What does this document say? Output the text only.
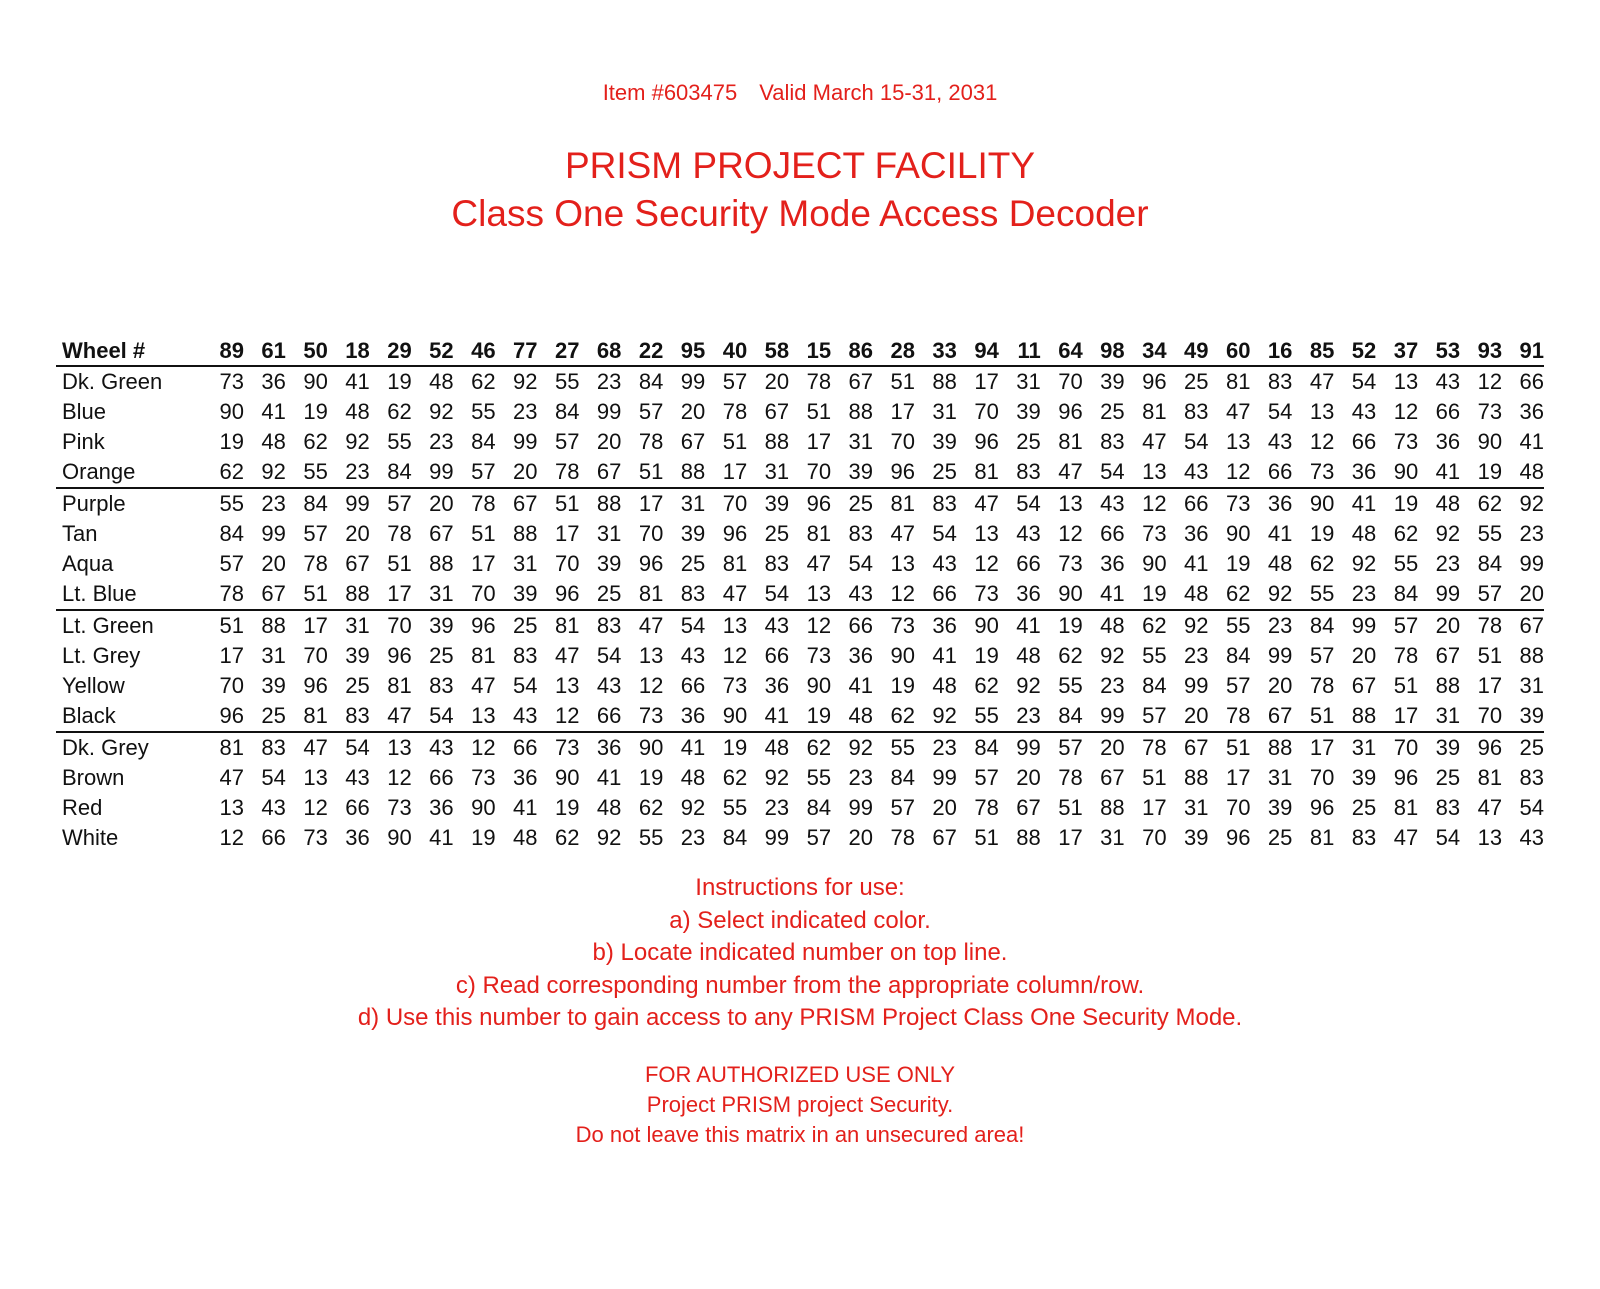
Item #603475 Valid March 15-31, 2031
PRISM PROJECT FACILITY
Class One Security Mode Access Decoder
Wheel #	89	61	50	18	29	52	46	77	27	68	22	95	40	58	15	86	28	33	94	11	64	98	34	49	60	16	85	52	37	53	93	91
Dk. Green	73	36	90	41	19	48	62	92	55	23	84	99	57	20	78	67	51	88	17	31	70	39	96	25	81	83	47	54	13	43	12	66
Blue	90	41	19	48	62	92	55	23	84	99	57	20	78	67	51	88	17	31	70	39	96	25	81	83	47	54	13	43	12	66	73	36
Pink	19	48	62	92	55	23	84	99	57	20	78	67	51	88	17	31	70	39	96	25	81	83	47	54	13	43	12	66	73	36	90	41
Orange	62	92	55	23	84	99	57	20	78	67	51	88	17	31	70	39	96	25	81	83	47	54	13	43	12	66	73	36	90	41	19	48
Purple	55	23	84	99	57	20	78	67	51	88	17	31	70	39	96	25	81	83	47	54	13	43	12	66	73	36	90	41	19	48	62	92
Tan	84	99	57	20	78	67	51	88	17	31	70	39	96	25	81	83	47	54	13	43	12	66	73	36	90	41	19	48	62	92	55	23
Aqua	57	20	78	67	51	88	17	31	70	39	96	25	81	83	47	54	13	43	12	66	73	36	90	41	19	48	62	92	55	23	84	99
Lt. Blue	78	67	51	88	17	31	70	39	96	25	81	83	47	54	13	43	12	66	73	36	90	41	19	48	62	92	55	23	84	99	57	20
Lt. Green	51	88	17	31	70	39	96	25	81	83	47	54	13	43	12	66	73	36	90	41	19	48	62	92	55	23	84	99	57	20	78	67
Lt. Grey	17	31	70	39	96	25	81	83	47	54	13	43	12	66	73	36	90	41	19	48	62	92	55	23	84	99	57	20	78	67	51	88
Yellow	70	39	96	25	81	83	47	54	13	43	12	66	73	36	90	41	19	48	62	92	55	23	84	99	57	20	78	67	51	88	17	31
Black	96	25	81	83	47	54	13	43	12	66	73	36	90	41	19	48	62	92	55	23	84	99	57	20	78	67	51	88	17	31	70	39
Dk. Grey	81	83	47	54	13	43	12	66	73	36	90	41	19	48	62	92	55	23	84	99	57	20	78	67	51	88	17	31	70	39	96	25
Brown	47	54	13	43	12	66	73	36	90	41	19	48	62	92	55	23	84	99	57	20	78	67	51	88	17	31	70	39	96	25	81	83
Red	13	43	12	66	73	36	90	41	19	48	62	92	55	23	84	99	57	20	78	67	51	88	17	31	70	39	96	25	81	83	47	54
White	12	66	73	36	90	41	19	48	62	92	55	23	84	99	57	20	78	67	51	88	17	31	70	39	96	25	81	83	47	54	13	43
Instructions for use:
a) Select indicated color.
b) Locate indicated number on top line.
c) Read corresponding number from the appropriate column/row.
d) Use this number to gain access to any PRISM Project Class One Security Mode.
FOR AUTHORIZED USE ONLY
Project PRISM project Security.
Do not leave this matrix in an unsecured area!
